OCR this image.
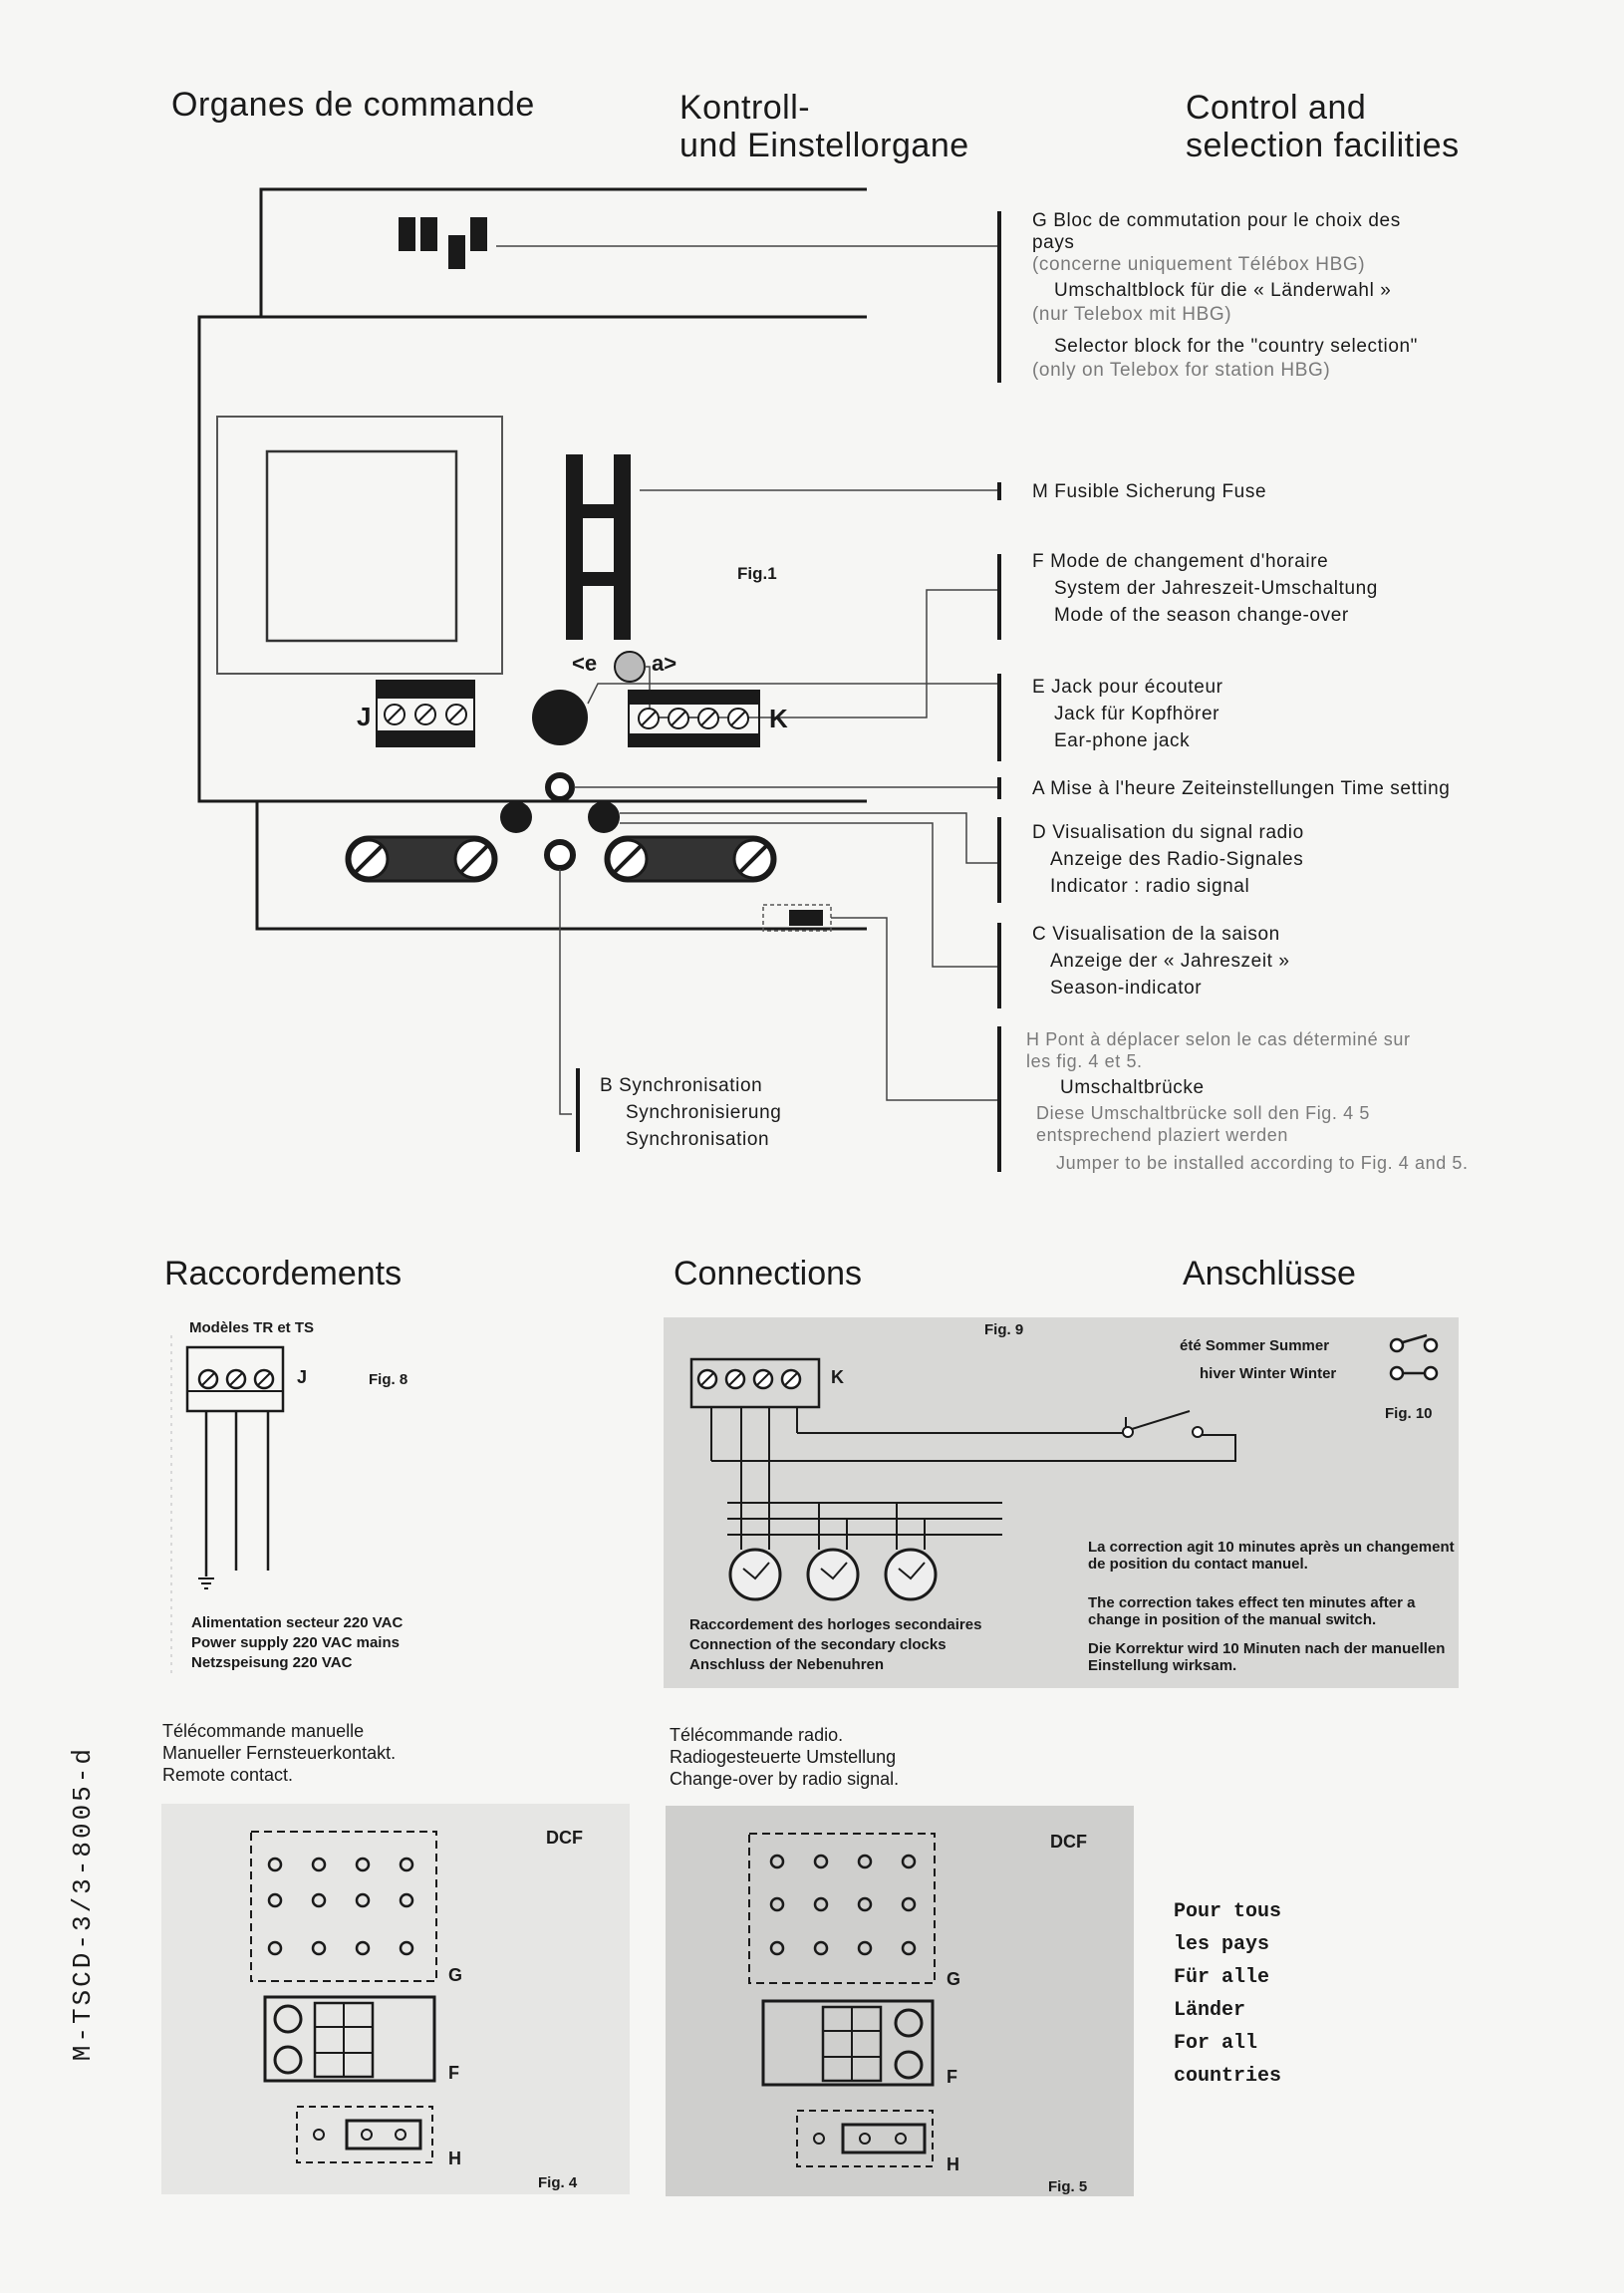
Organes de commande	Kontroll-
und Einstellorgane
Control and
selection facilities
Fig.1
J	K
<e a>
G Bloc de commutation pour le choix des
pays
(concerne uniquement Télébox HBG)
Umschaltblock für die « Länderwahl »
(nur Telebox mit HBG)
Selector block for the "country selection"
(only on Telebox for station HBG)
M Fusible Sicherung Fuse
F Mode de changement d'horaire
System der Jahreszeit-Umschaltung
Mode of the season change-over
E Jack pour écouteur
Jack für Kopfhörer
Ear-phone jack
A Mise à l'heure Zeiteinstellungen Time setting
D Visualisation du signal radio
Anzeige des Radio-Signales
Indicator : radio signal
C Visualisation de la saison
Anzeige der « Jahreszeit »
Season-indicator
H Pont à déplacer selon le cas déterminé sur
les fig. 4 et 5.
Umschaltbrücke
Diese Umschaltbrücke soll den Fig. 4 5
entsprechend plaziert werden
Jumper to be installed according to Fig. 4 and 5.
B Synchronisation
Synchronisierung
Synchronisation
Raccordements	Connections	Anschlüsse
Modèles TR et TS
J	Fig. 8
Alimentation secteur 220 VAC
Power supply 220 VAC mains
Netzspeisung 220 VAC
Fig. 9
K
été Sommer Summer
hiver Winter Winter
Fig. 10
La correction agit 10 minutes après un changement de position du contact manuel.
The correction takes effect ten minutes after a change in position of the manual switch.
Die Korrektur wird 10 Minuten nach der manuellen Einstellung wirksam.
Raccordement des horloges secondaires
Connection of the secondary clocks
Anschluss der Nebenuhren
Télécommande manuelle
Manueller Fernsteuerkontakt.
Remote contact.
Télécommande radio.
Radiogesteuerte Umstellung
Change-over by radio signal.
DCF
G
F
H
Fig. 4
DCF
G
F
H
Fig. 5
Pour tous
les pays
Für alle
Länder
For all
countries
M-TSCD-3/3-8005-d
